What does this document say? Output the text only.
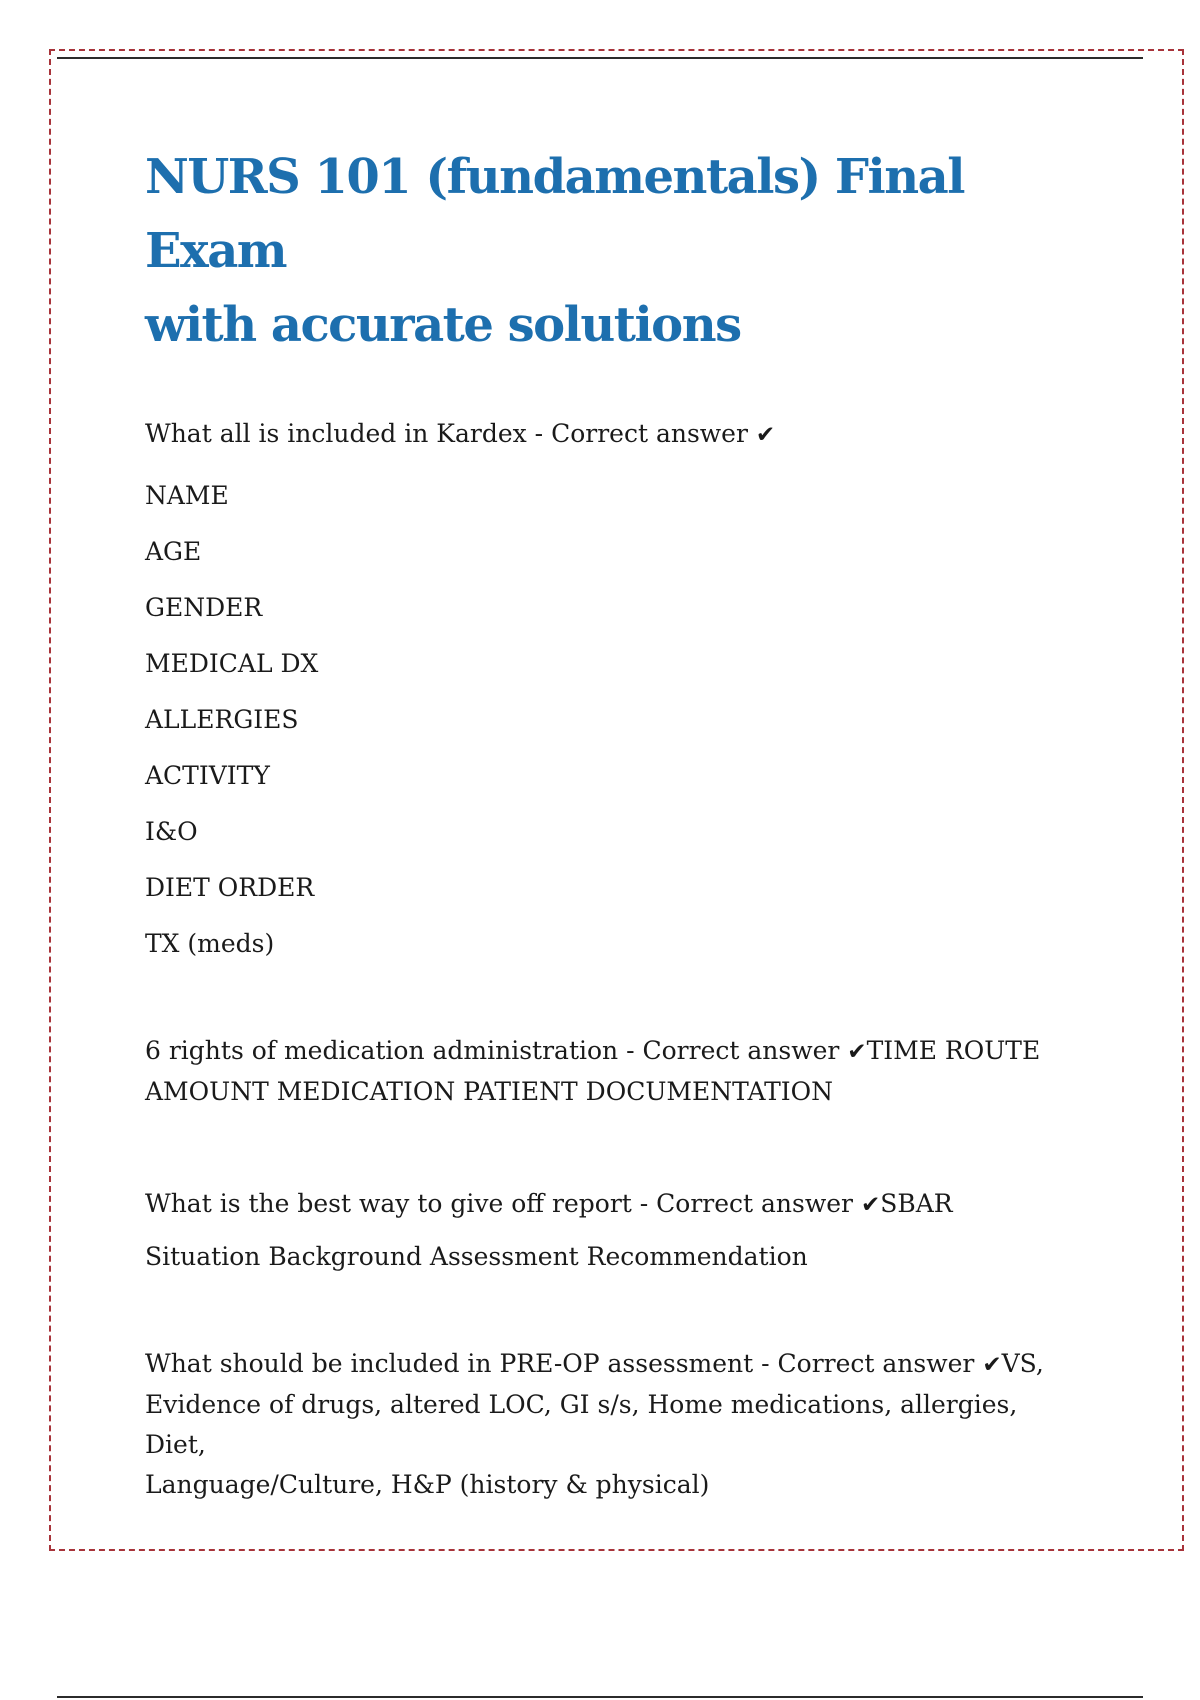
NURS 101 (fundamentals) Final Exam
with accurate solutions

What all is included in Kardex - Correct answer ✔

NAME

AGE

GENDER

MEDICAL DX

ALLERGIES

ACTIVITY

I&O

DIET ORDER

TX (meds)

6 rights of medication administration - Correct answer ✔TIME ROUTE

AMOUNT MEDICATION PATIENT DOCUMENTATION

What is the best way to give off report - Correct answer ✔SBAR

Situation Background Assessment Recommendation

What should be included in PRE-OP assessment - Correct answer ✔VS,

Evidence of drugs, altered LOC, GI s/s, Home medications, allergies, Diet,

Language/Culture, H&P (history & physical)
